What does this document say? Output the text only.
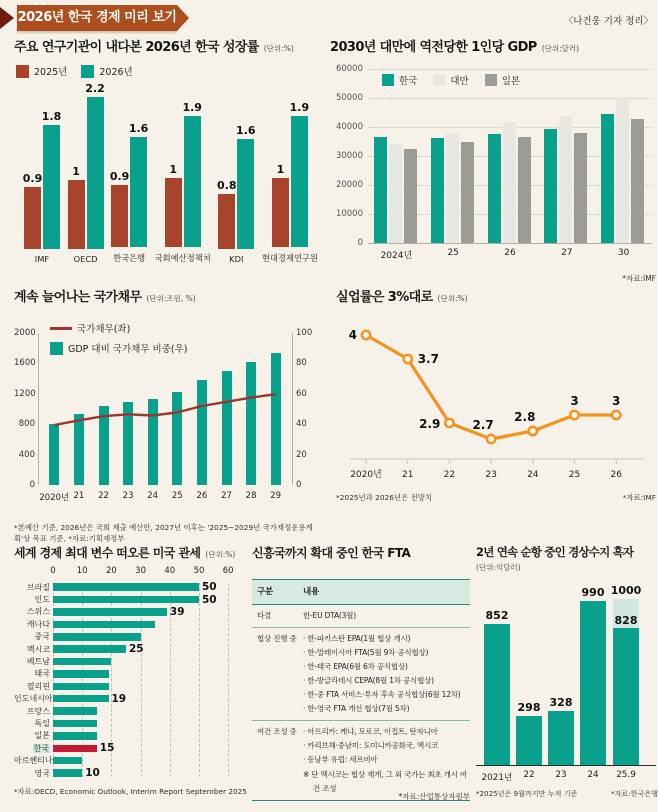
2026년 한국 경제 미리 보기	〈나건웅 기자 정리〉
주요 연구기관이 내다본 2026년 한국 성장률 (단위:%)
2025년	2026년
0.9
1.8
IMF
1
2.2
OECD
0.9
1.6
한국은행
1
1.9
국회예산정책처
0.8
1.6
KDI
1
1.9
현대경제연구원
2030년 대만에 역전당한 1인당 GDP (단위:달러)
0
10000
20000
30000
40000
50000
60000
2024년	25	26	27	30
한국	대만	일본
*자료:IMF
계속 늘어나는 국가채무 (단위:조원, %)
0	0
400	20
800	40
1200	60
1600	80
2000	100
2020년 21	22	23	24	25	26	27	28	29
국가채무(좌)
GDP 대비 국가채무 비중(우)
*본예산 기준, 2026년은 국회 제출 예산안, 2027년 이후는 '2025~2029년 국가재정운용계획'상 목표 기준, *자료:기획재정부
실업률은 3%대로 (단위:%)
4
2020년
3.7
21
2.9
22
2.7
23
2.8
24
3
25
3
26
*2025년과 2026년은 전망치	*자료:IMF
세계 경제 최대 변수 떠오른 미국 관세 (단위:%)
0	10	20	30	40	50	60
브라질	50
인도	50
스위스	39
캐나다
중국
멕시코	25
베트남
태국
필리핀
인도네시아	19
프랑스
독일
일본
한국	15
아르헨티나
영국	10
*자료:OECD, Economic Outlook, Interim Report September 2025
신흥국까지 확대 중인 한국 FTA
구분	내용
타결	한-EU DTA(3월)
협상 진행 중 · 한-파키스탄 EPA(1월 협상 개시)
· 한-말레이시아 FTA(5월 9차 공식협상)
· 한-태국 EPA(6월 6차 공식협상)
· 한-방글라데시 CEPA(8월 1차 공식협상)
· 한-중 FTA 서비스·투자 후속 공식협상(6월 12차)
· 한-영국 FTA 개선 협상(7월 5차)
여건 조성 중 · 아프리카: 케냐, 모로코, 이집트, 탄자니아
· 카리브해·중남미: 도미니카공화국, 멕시코
· 동남부 유럽: 세르비아
※ 단 멕시코는 협상 재개, 그 외 국가는 최초 개시 여건 조성
*자료:산업통상자원부
2년 연속 순항 중인 경상수지 흑자
(단위:억달러)
852
2021년
298
22
328
23
990
24
828
1000
25.9
*2025년은 9월까지만 누적 기준	*자료:한국은행
